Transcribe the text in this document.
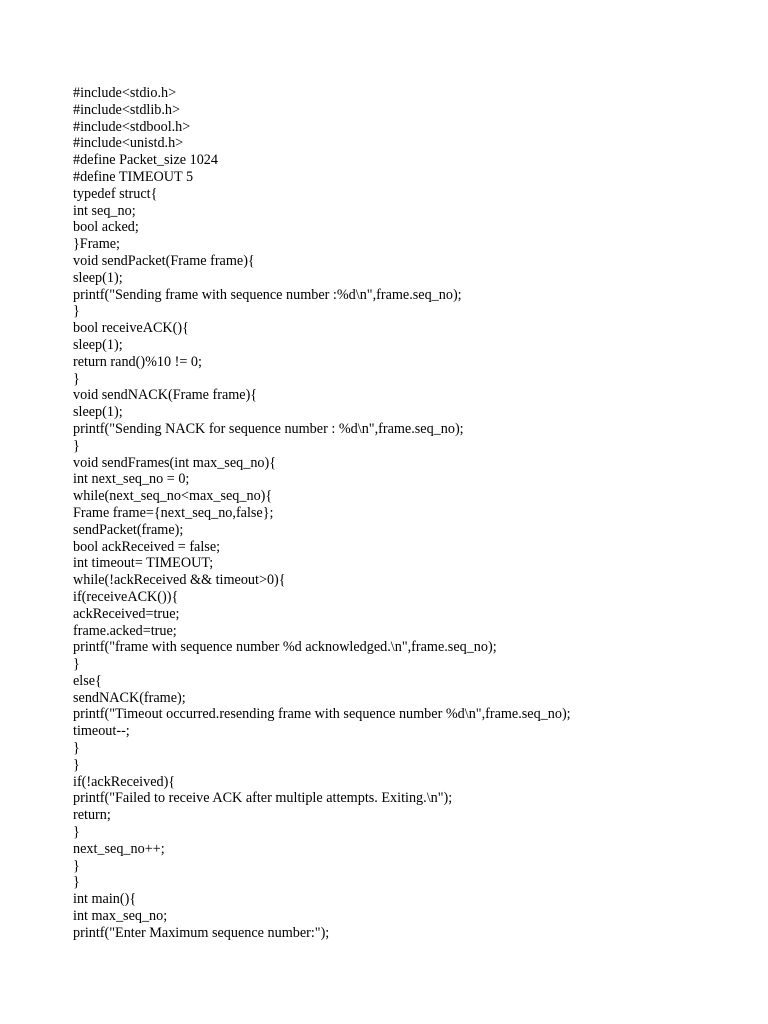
#include<stdio.h>
#include<stdlib.h>
#include<stdbool.h>
#include<unistd.h>
#define Packet_size 1024
#define TIMEOUT 5
typedef struct{
int seq_no;
bool acked;
}Frame;
void sendPacket(Frame frame){
sleep(1);
printf("Sending frame with sequence number :%d\n",frame.seq_no);
}
bool receiveACK(){
sleep(1);
return rand()%10 != 0;
}
void sendNACK(Frame frame){
sleep(1);
printf("Sending NACK for sequence number : %d\n",frame.seq_no);
}
void sendFrames(int max_seq_no){
int next_seq_no = 0;
while(next_seq_no<max_seq_no){
Frame frame={next_seq_no,false};
sendPacket(frame);
bool ackReceived = false;
int timeout= TIMEOUT;
while(!ackReceived && timeout>0){
if(receiveACK()){
ackReceived=true;
frame.acked=true;
printf("frame with sequence number %d acknowledged.\n",frame.seq_no);
}
else{
sendNACK(frame);
printf("Timeout occurred.resending frame with sequence number %d\n",frame.seq_no);
timeout--;
}
}
if(!ackReceived){
printf("Failed to receive ACK after multiple attempts. Exiting.\n");
return;
}
next_seq_no++;
}
}
int main(){
int max_seq_no;
printf("Enter Maximum sequence number:");
